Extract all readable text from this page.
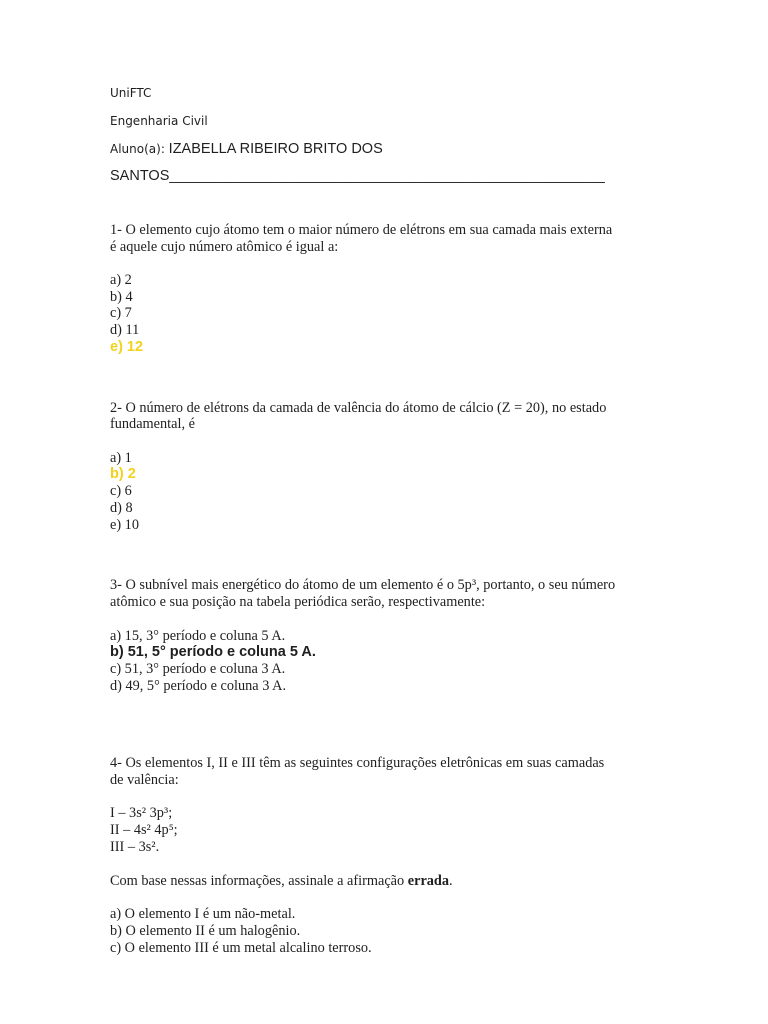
UniFTC
Engenharia Civil
Aluno(a): IZABELLA RIBEIRO BRITO DOS
SANTOS______________________________________________________
1- O elemento cujo átomo tem o maior número de elétrons em sua camada mais externa
é aquele cujo número atômico é igual a:
a) 2
b) 4
c) 7
d) 11
e) 12
2- O número de elétrons da camada de valência do átomo de cálcio (Z = 20), no estado
fundamental, é
a) 1
b) 2
c) 6
d) 8
e) 10
3- O subnível mais energético do átomo de um elemento é o 5p³, portanto, o seu número
atômico e sua posição na tabela periódica serão, respectivamente:
a) 15, 3° período e coluna 5 A.
b) 51, 5° período e coluna 5 A.
c) 51, 3° período e coluna 3 A.
d) 49, 5° período e coluna 3 A.
4- Os elementos I, II e III têm as seguintes configurações eletrônicas em suas camadas
de valência:
I – 3s² 3p³;
II – 4s² 4p⁵;
III – 3s².
Com base nessas informações, assinale a afirmação errada.
a) O elemento I é um não-metal.
b) O elemento II é um halogênio.
c) O elemento III é um metal alcalino terroso.
